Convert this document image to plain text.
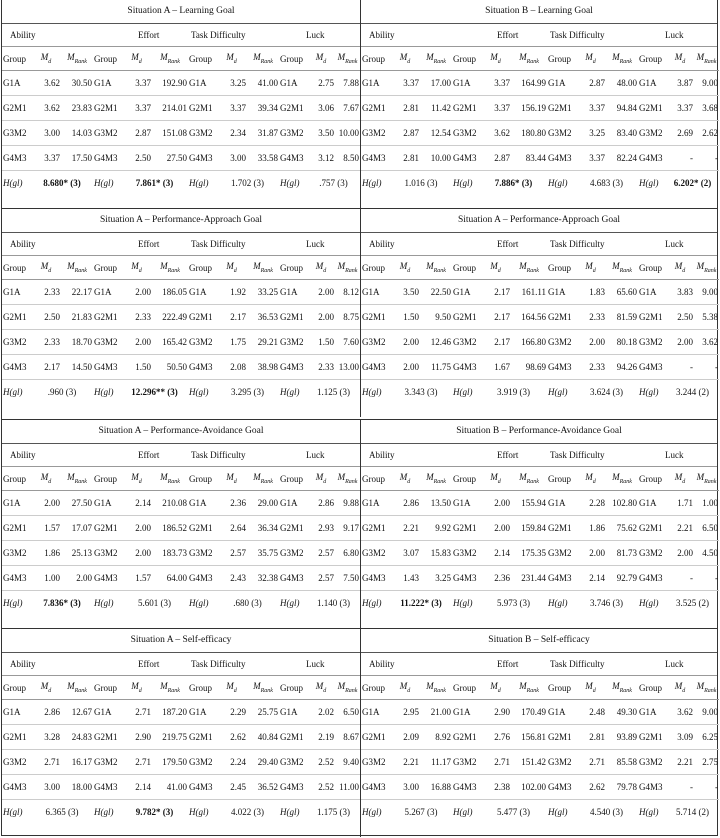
Situation A – Learning Goal
Ability	Effort	Task Difficulty	Luck
Group	$M_d$	$M_{Rank}$	Group	$M_d$	$M_{Rank}$	Group	$M_d$	$M_{Rank}$	Group	$M_d$	$M_{Rank}$
G1A	3.62	30.50	G1A	3.37	192.90	G1A	3.25	41.00	G1A	2.75	7.88
G2M1	3.62	23.83	G2M1	3.37	214.01	G2M1	3.37	39.34	G2M1	3.06	7.67
G3M2	3.00	14.03	G3M2	2.87	151.08	G3M2	2.34	31.87	G3M2	3.50	10.00
G4M3	3.37	17.50	G4M3	2.50	27.50	G4M3	3.00	33.58	G4M3	3.12	8.50
H(gl)	8.680* (3)		H(gl)	7.861* (3)		H(gl)	1.702 (3)		H(gl)	.757 (3)	
Situation B – Learning Goal
Ability	Effort	Task Difficulty	Luck
Group	$M_d$	$M_{Rank}$	Group	$M_d$	$M_{Rank}$	Group	$M_d$	$M_{Rank}$	Group	$M_d$	$M_{Rank}$
G1A	3.37	17.00	G1A	3.37	164.99	G1A	2.87	48.00	G1A	3.87	9.00
G2M1	2.81	11.42	G2M1	3.37	156.19	G2M1	3.37	94.84	G2M1	3.37	3.68
G3M2	2.87	12.54	G3M2	3.62	180.80	G3M2	3.25	83.40	G3M2	2.69	2.62
G4M3	2.81	10.00	G4M3	2.87	83.44	G4M3	3.37	82.24	G4M3	-	-
H(gl)	1.016 (3)		H(gl)	7.886* (3)		H(gl)	4.683 (3)		H(gl)	6.202* (2)	
Situation A – Performance-Approach Goal
Ability	Effort	Task Difficulty	Luck
Group	$M_d$	$M_{Rank}$	Group	$M_d$	$M_{Rank}$	Group	$M_d$	$M_{Rank}$	Group	$M_d$	$M_{Rank}$
G1A	2.33	22.17	G1A	2.00	186.05	G1A	1.92	33.25	G1A	2.00	8.12
G2M1	2.50	21.83	G2M1	2.33	222.49	G2M1	2.17	36.53	G2M1	2.00	8.75
G3M2	2.33	18.70	G3M2	2.00	165.42	G3M2	1.75	29.21	G3M2	1.50	7.60
G4M3	2.17	14.50	G4M3	1.50	50.50	G4M3	2.08	38.98	G4M3	2.33	13.00
H(gl)	.960 (3)		H(gl)	12.296** (3)		H(gl)	3.295 (3)		H(gl)	1.125 (3)	
Situation A – Performance-Approach Goal
Ability	Effort	Task Difficulty	Luck
Group	$M_d$	$M_{Rank}$	Group	$M_d$	$M_{Rank}$	Group	$M_d$	$M_{Rank}$	Group	$M_d$	$M_{Rank}$
G1A	3.50	22.50	G1A	2.17	161.11	G1A	1.83	65.60	G1A	3.83	9.00
G2M1	1.50	9.50	G2M1	2.17	164.56	G2M1	2.33	81.59	G2M1	2.50	5.38
G3M2	2.00	12.46	G3M2	2.17	166.80	G3M2	2.00	80.18	G3M2	2.00	3.62
G4M3	2.00	11.75	G4M3	1.67	98.69	G4M3	2.33	94.26	G4M3	-	-
H(gl)	3.343 (3)		H(gl)	3.919 (3)		H(gl)	3.624 (3)		H(gl)	3.244 (2)	
Situation A – Performance-Avoidance Goal
Ability	Effort	Task Difficulty	Luck
Group	$M_d$	$M_{Rank}$	Group	$M_d$	$M_{Rank}$	Group	$M_d$	$M_{Rank}$	Group	$M_d$	$M_{Rank}$
G1A	2.00	27.50	G1A	2.14	210.08	G1A	2.36	29.00	G1A	2.86	9.88
G2M1	1.57	17.07	G2M1	2.00	186.52	G2M1	2.64	36.34	G2M1	2.93	9.17
G3M2	1.86	25.13	G3M2	2.00	183.73	G3M2	2.57	35.75	G3M2	2.57	6.80
G4M3	1.00	2.00	G4M3	1.57	64.00	G4M3	2.43	32.38	G4M3	2.57	7.50
H(gl)	7.836* (3)		H(gl)	5.601 (3)		H(gl)	.680 (3)		H(gl)	1.140 (3)	
Situation B – Performance-Avoidance Goal
Ability	Effort	Task Difficulty	Luck
Group	$M_d$	$M_{Rank}$	Group	$M_d$	$M_{Rank}$	Group	$M_d$	$M_{Rank}$	Group	$M_d$	$M_{Rank}$
G1A	2.86	13.50	G1A	2.00	155.94	G1A	2.28	102.80	G1A	1.71	1.00
G2M1	2.21	9.92	G2M1	2.00	159.84	G2M1	1.86	75.62	G2M1	2.21	6.50
G3M2	3.07	15.83	G3M2	2.14	175.35	G3M2	2.00	81.73	G3M2	2.00	4.50
G4M3	1.43	3.25	G4M3	2.36	231.44	G4M3	2.14	92.79	G4M3	-	-
H(gl)	11.222* (3)		H(gl)	5.973 (3)		H(gl)	3.746 (3)		H(gl)	3.525 (2)	
Situation A – Self-efficacy
Ability	Effort	Task Difficulty	Luck
Group	$M_d$	$M_{Rank}$	Group	$M_d$	$M_{Rank}$	Group	$M_d$	$M_{Rank}$	Group	$M_d$	$M_{Rank}$
G1A	2.86	12.67	G1A	2.71	187.20	G1A	2.29	25.75	G1A	2.02	6.50
G2M1	3.28	24.83	G2M1	2.90	219.75	G2M1	2.62	40.84	G2M1	2.19	8.67
G3M2	2.71	16.17	G3M2	2.71	179.50	G3M2	2.24	29.40	G3M2	2.52	9.40
G4M3	3.00	18.00	G4M3	2.14	41.00	G4M3	2.45	36.52	G4M3	2.52	11.00
H(gl)	6.365 (3)		H(gl)	9.782* (3)		H(gl)	4.022 (3)		H(gl)	1.175 (3)	
Situation B – Self-efficacy
Ability	Effort	Task Difficulty	Luck
Group	$M_d$	$M_{Rank}$	Group	$M_d$	$M_{Rank}$	Group	$M_d$	$M_{Rank}$	Group	$M_d$	$M_{Rank}$
G1A	2.95	21.00	G1A	2.90	170.49	G1A	2.48	49.30	G1A	3.62	9.00
G2M1	2.09	8.92	G2M1	2.76	156.81	G2M1	2.81	93.89	G2M1	3.09	6.25
G3M2	2.21	11.17	G3M2	2.71	151.42	G3M2	2.71	85.58	G3M2	2.21	2.75
G4M3	3.00	16.88	G4M3	2.38	102.00	G4M3	2.62	79.78	G4M3	-	-
H(gl)	5.267 (3)		H(gl)	5.477 (3)		H(gl)	4.540 (3)		H(gl)	5.714 (2)	
